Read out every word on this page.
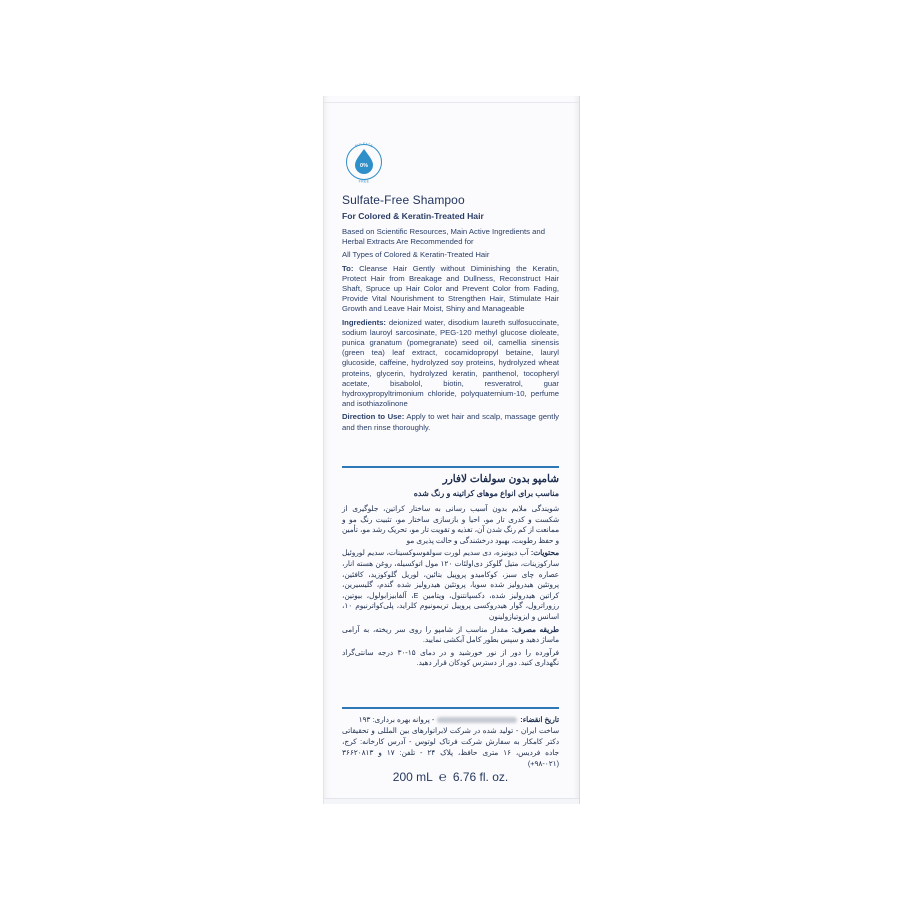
0%
SULFATE
FREE
Sulfate-Free Shampoo
For Colored & Keratin-Treated Hair
Based on Scientific Resources, Main Active Ingredients and Herbal Extracts Are Recommended for
All Types of Colored & Keratin-Treated Hair
To: Cleanse Hair Gently without Diminishing the Keratin, Protect Hair from Breakage and Dullness, Reconstruct Hair Shaft, Spruce up Hair Color and Prevent Color from Fading, Provide Vital Nourishment to Strengthen Hair, Stimulate Hair Growth and Leave Hair Moist, Shiny and Manageable
Ingredients: deionized water, disodium laureth sulfosuccinate, sodium lauroyl sarcosinate, PEG-120 methyl glucose dioleate, punica granatum (pomegranate) seed oil, camellia sinensis (green tea) leaf extract, cocamidopropyl betaine, lauryl glucoside, caffeine, hydrolyzed soy proteins, hydrolyzed wheat proteins, glycerin, hydrolyzed keratin, panthenol, tocopheryl acetate, bisabolol, biotin, resveratrol, guar hydroxypropyltrimonium chloride, polyquaternium-10, perfume and isothiazolinone
Direction to Use: Apply to wet hair and scalp, massage gently and then rinse thoroughly.
شامپو بدون سولفات لافارر
مناسب برای انواع موهای کراتینه و رنگ شده
شویندگی ملایم بدون آسیب رسانی به ساختار کراتین، جلوگیری از شکست و کدری تار مو، احیا و بازسازی ساختار مو، تثبیت رنگ مو و ممانعت از کم رنگ شدن آن، تغذیه و تقویت تار مو، تحریک رشد مو، تأمین و حفظ رطوبت، بهبود درخشندگی و حالت پذیری مو
محتویات: آب دیونیزه، دی سدیم لورت سولفوسوکسینات، سدیم لوروئیل سارکوزینات، متیل گلوکز دی‌اولئات ۱۲۰ مول اتوکسیله، روغن هسته انار، عصاره چای سبز، کوکامیدو پروپیل بتائین، لوریل گلوکوزید، کافئین، پروتئین هیدرولیز شده سویا، پروتئین هیدرولیز شده گندم، گلیسیرین، کراتین هیدرولیز شده، دکسپانتنول، ویتامین E، آلفابیزابولول، بیوتین، رزوراترول، گوار هیدروکسی پروپیل تریمونیوم کلراید، پلی‌کواترنیوم ۱۰، اسانس و ایزوتیازولینون
طریقه مصرف: مقدار مناسب از شامپو را روی سر ریخته، به آرامی ماساژ دهید و سپس بطور کامل آبکشی نمایید.
فرآورده را دور از نور خورشید و در دمای ۱۵-۳۰ درجه سانتی‌گراد نگهداری کنید. دور از دسترس کودکان قرار دهید.
تاریخ انقضاء:- پروانه بهره برداری: ۱۹۳
ساخت ایران - تولید شده در شرکت لابراتوارهای بین المللی و تحقیقاتی دکتر کامکار به سفارش شرکت فرتاک لوتوس - آدرس کارخانه: کرج، جاده فردیس، ۱۶ متری حافظ، پلاک ۲۴ - تلفن: ۱۷ و ۳۶۶۲۰۸۱۳ (۰۲۱-۹۸+)
200 mL ℮ 6.76 fl. oz.
